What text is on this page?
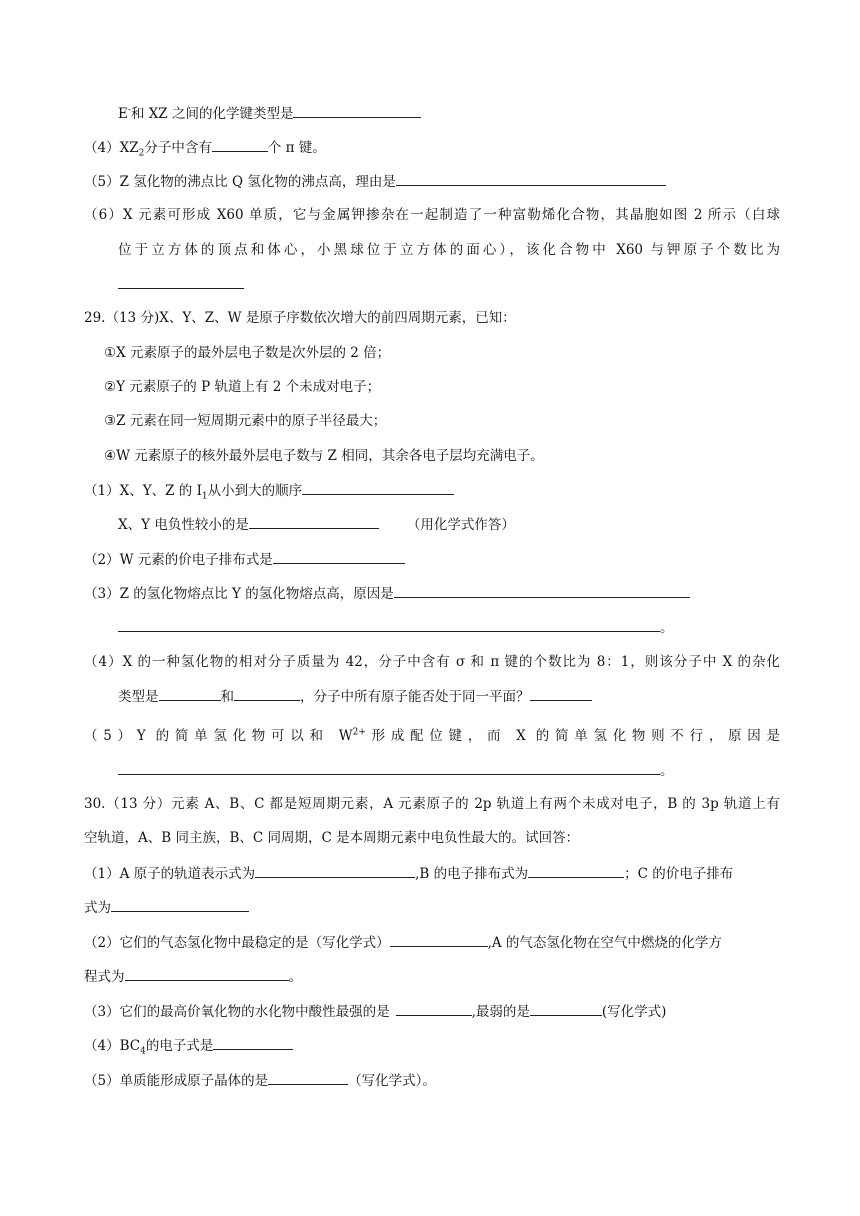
E-和 XZ 之间的化学键类型是
$(4)XZ_2$分子中含有	个 π 键。
（5）Z 氢化物的沸点比 Q 氢化物的沸点高，理由是
（6）X 元素可形成 X60 单质，它与金属钾掺杂在一起制造了一种富勒烯化合物，其晶胞如图 2 所示（白球
位于立方体的顶点和体心，小黑球位于立方体的面心），该化合物中 X60 与钾原子个数比为
29.（13 分)X、Y、Z、W 是原子序数依次增大的前四周期元素，已知：
①X 元素原子的最外层电子数是次外层的 2 倍；
②Y 元素原子的 P 轨道上有 2 个未成对电子；
③Z 元素在同一短周期元素中的原子半径最大；
④W 元素原子的核外最外层电子数与 Z 相同，其余各电子层均充满电子。
（1）X、Y、Z 的 $I_1$从小到大的顺序
X、Y 电负性较小的是	（用化学式作答）
（2）W 元素的价电子排布式是
（3）Z 的氢化物熔点比 Y 的氢化物熔点高，原因是
。
（4）X 的一种氢化物的相对分子质量为 42，分子中含有 σ 和 π 键的个数比为 8：1，则该分子中 X 的杂化
类型是	和	，分子中所有原子能否处于同一平面？
（5）Y 的简单氢化物可以和 $W^{2+}$形成配位键，而 X 的简单氢化物则不行，原因是
。
30.（13 分）元素 A、B、C 都是短周期元素，A 元素原子的 2p 轨道上有两个未成对电子，B 的 3p 轨道上有
空轨道，A、B 同主族，B、C 同周期，C 是本周期元素中电负性最大的。试回答：
（1）A 原子的轨道表示式为	,B 的电子排布式为	；C 的价电子排布
式为
（2）它们的气态氢化物中最稳定的是（写化学式）	,A 的气态氢化物在空气中燃烧的化学方
程式为	。
（3）它们的最高价氧化物的水化物中酸性最强的是	,最弱的是	(写化学式)
$(4)BC_4$的电子式是
（5）单质能形成原子晶体的是	（写化学式）。
